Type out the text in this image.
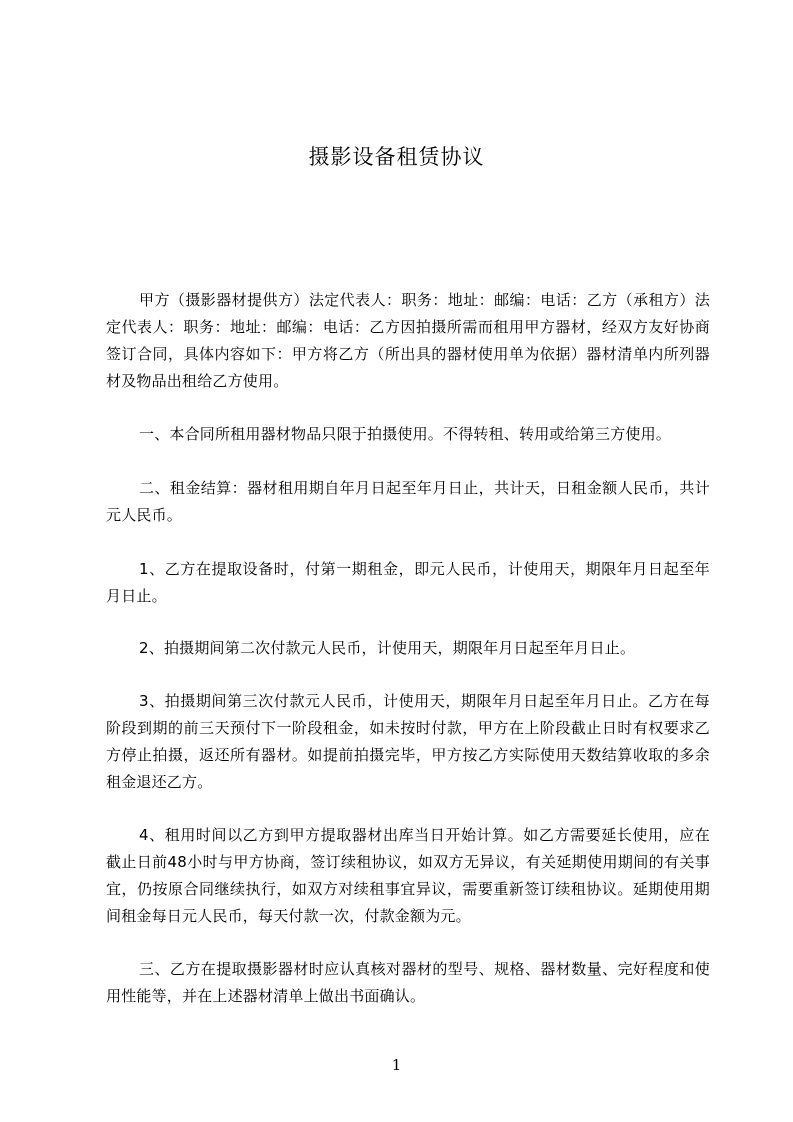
摄影设备租赁协议

甲方（摄影器材提供方）法定代表人：职务：地址：邮编：电话：乙方（承租方）法定代表人：职务：地址：邮编：电话：乙方因拍摄所需而租用甲方器材，经双方友好协商签订合同，具体内容如下：甲方将乙方（所出具的器材使用单为依据）器材清单内所列器材及物品出租给乙方使用。

一、本合同所租用器材物品只限于拍摄使用。不得转租、转用或给第三方使用。

二、租金结算：器材租用期自年月日起至年月日止，共计天，日租金额人民币，共计元人民币。

1、乙方在提取设备时，付第一期租金，即元人民币，计使用天，期限年月日起至年月日止。

2、拍摄期间第二次付款元人民币，计使用天，期限年月日起至年月日止。

3、拍摄期间第三次付款元人民币，计使用天，期限年月日起至年月日止。乙方在每阶段到期的前三天预付下一阶段租金，如未按时付款，甲方在上阶段截止日时有权要求乙方停止拍摄，返还所有器材。如提前拍摄完毕，甲方按乙方实际使用天数结算收取的多余租金退还乙方。

4、租用时间以乙方到甲方提取器材出库当日开始计算。如乙方需要延长使用，应在截止日前48小时与甲方协商，签订续租协议，如双方无异议，有关延期使用期间的有关事宜，仍按原合同继续执行，如双方对续租事宜异议，需要重新签订续租协议。延期使用期间租金每日元人民币，每天付款一次，付款金额为元。

三、乙方在提取摄影器材时应认真核对器材的型号、规格、器材数量、完好程度和使用性能等，并在上述器材清单上做出书面确认。

1
